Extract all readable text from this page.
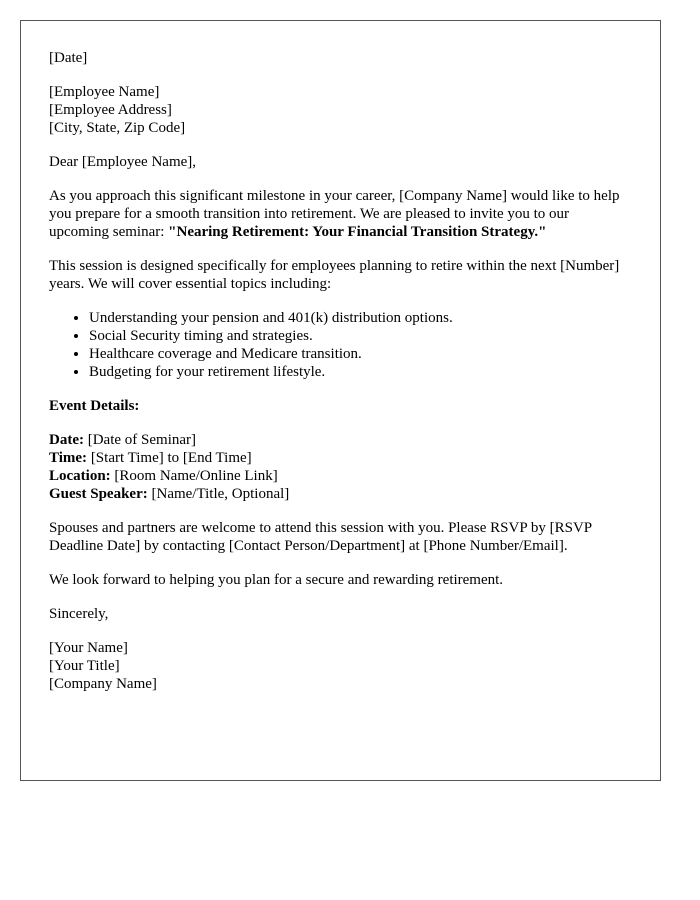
[Date]

[Employee Name]
[Employee Address]
[City, State, Zip Code]

Dear [Employee Name],

As you approach this significant milestone in your career, [Company Name] would like to help you prepare for a smooth transition into retirement. We are pleased to invite you to our upcoming seminar: "Nearing Retirement: Your Financial Transition Strategy."

This session is designed specifically for employees planning to retire within the next [Number] years. We will cover essential topics including:

• Understanding your pension and 401(k) distribution options.
• Social Security timing and strategies.
• Healthcare coverage and Medicare transition.
• Budgeting for your retirement lifestyle.

Event Details:

Date: [Date of Seminar]
Time: [Start Time] to [End Time]
Location: [Room Name/Online Link]
Guest Speaker: [Name/Title, Optional]

Spouses and partners are welcome to attend this session with you. Please RSVP by [RSVP Deadline Date] by contacting [Contact Person/Department] at [Phone Number/Email].

We look forward to helping you plan for a secure and rewarding retirement.

Sincerely,

[Your Name]
[Your Title]
[Company Name]
